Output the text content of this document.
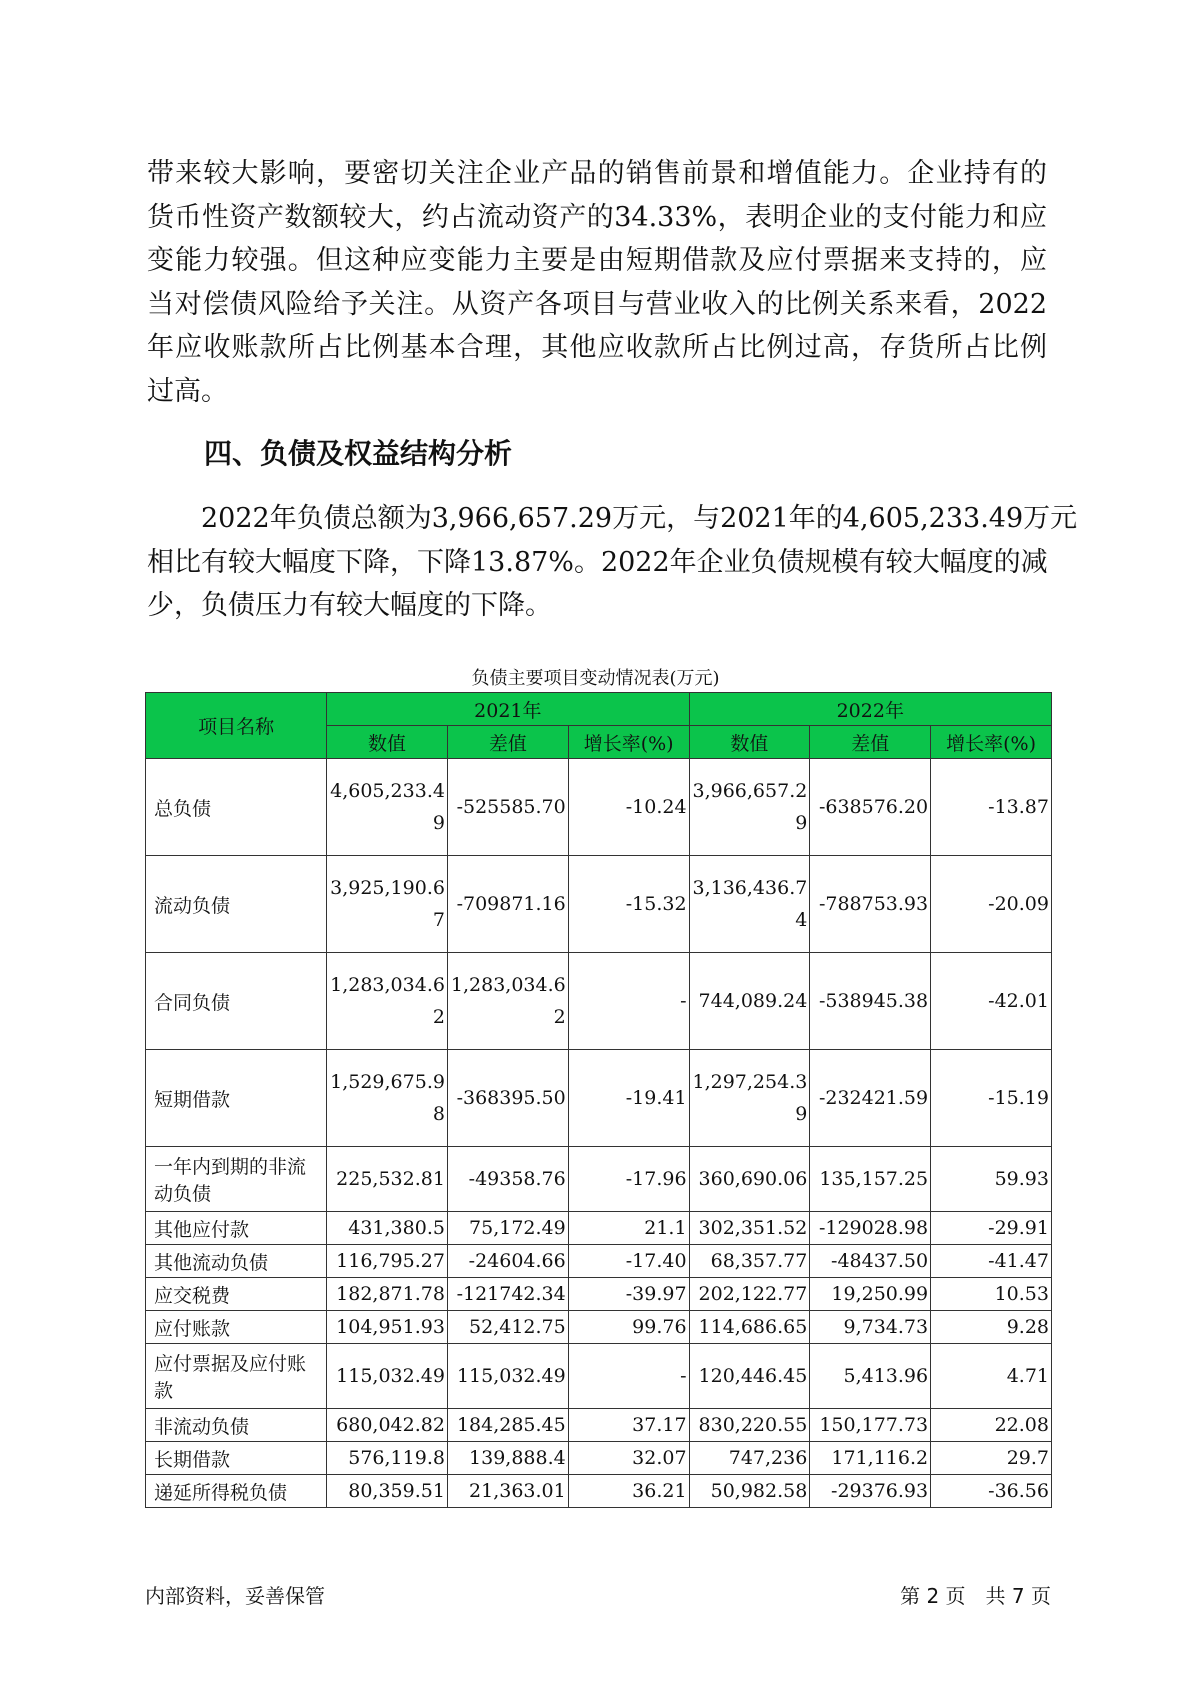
带来较大影响，要密切关注企业产品的销售前景和增值能力。企业持有的
货币性资产数额较大，约占流动资产的34.33%，表明企业的支付能力和应
变能力较强。但这种应变能力主要是由短期借款及应付票据来支持的，应
当对偿债风险给予关注。从资产各项目与营业收入的比例关系来看，2022
年应收账款所占比例基本合理，其他应收款所占比例过高，存货所占比例
过高。
四、负债及权益结构分析
　　2022年负债总额为3,966,657.29万元，与2021年的4,605,233.49万元
相比有较大幅度下降，下降13.87%。2022年企业负债规模有较大幅度的减
少，负债压力有较大幅度的下降。

负债主要项目变动情况表(万元)

项目名称	2021年			2022年		
	数值	差值	增长率(%)	数值	差值	增长率(%)
总负债	4,605,233.49	-525585.70	-10.24	3,966,657.29	-638576.20	-13.87
流动负债	3,925,190.67	-709871.16	-15.32	3,136,436.74	-788753.93	-20.09
合同负债	1,283,034.62	1,283,034.62	-	744,089.24	-538945.38	-42.01
短期借款	1,529,675.98	-368395.50	-19.41	1,297,254.39	-232421.59	-15.19
一年内到期的非流动负债	225,532.81	-49358.76	-17.96	360,690.06	135,157.25	59.93
其他应付款	431,380.5	75,172.49	21.1	302,351.52	-129028.98	-29.91
其他流动负债	116,795.27	-24604.66	-17.40	68,357.77	-48437.50	-41.47
应交税费	182,871.78	-121742.34	-39.97	202,122.77	19,250.99	10.53
应付账款	104,951.93	52,412.75	99.76	114,686.65	9,734.73	9.28
应付票据及应付账款	115,032.49	115,032.49	-	120,446.45	5,413.96	4.71
非流动负债	680,042.82	184,285.45	37.17	830,220.55	150,177.73	22.08
长期借款	576,119.8	139,888.4	32.07	747,236	171,116.2	29.7
递延所得税负债	80,359.51	21,363.01	36.21	50,982.58	-29376.93	-36.56

内部资料，妥善保管	第 2 页　共 7 页
